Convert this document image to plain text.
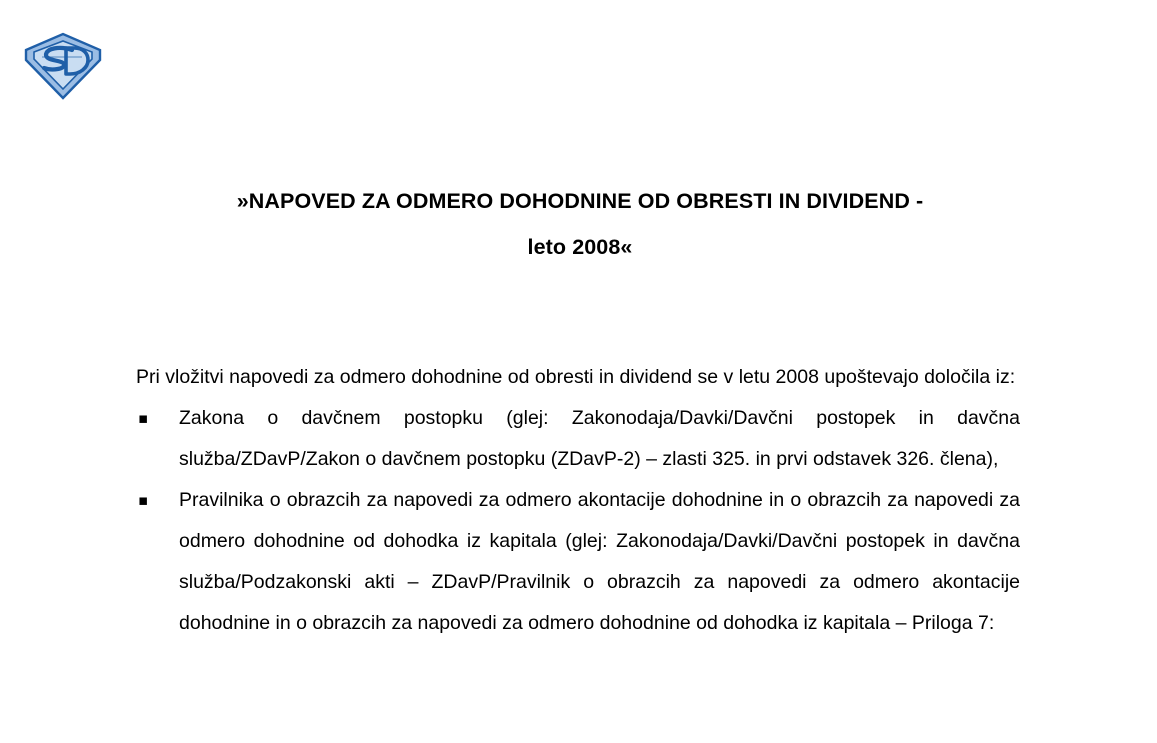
»NAPOVED ZA ODMERO DOHODNINE OD OBRESTI IN DIVIDEND -
leto 2008«

Pri vložitvi napovedi za odmero dohodnine od obresti in dividend se v letu 2008 upoštevajo določila iz:

▪ Zakona o davčnem postopku (glej: Zakonodaja/Davki/Davčni postopek in davčna služba/ZDavP/Zakon o davčnem postopku (ZDavP-2) – zlasti 325. in prvi odstavek 326. člena),
▪ Pravilnika o obrazcih za napovedi za odmero akontacije dohodnine in o obrazcih za napovedi za odmero dohodnine od dohodka iz kapitala (glej: Zakonodaja/Davki/Davčni postopek in davčna služba/Podzakonski akti – ZDavP/Pravilnik o obrazcih za napovedi za odmero akontacije dohodnine in o obrazcih za napovedi za odmero dohodnine od dohodka iz kapitala – Priloga 7:
